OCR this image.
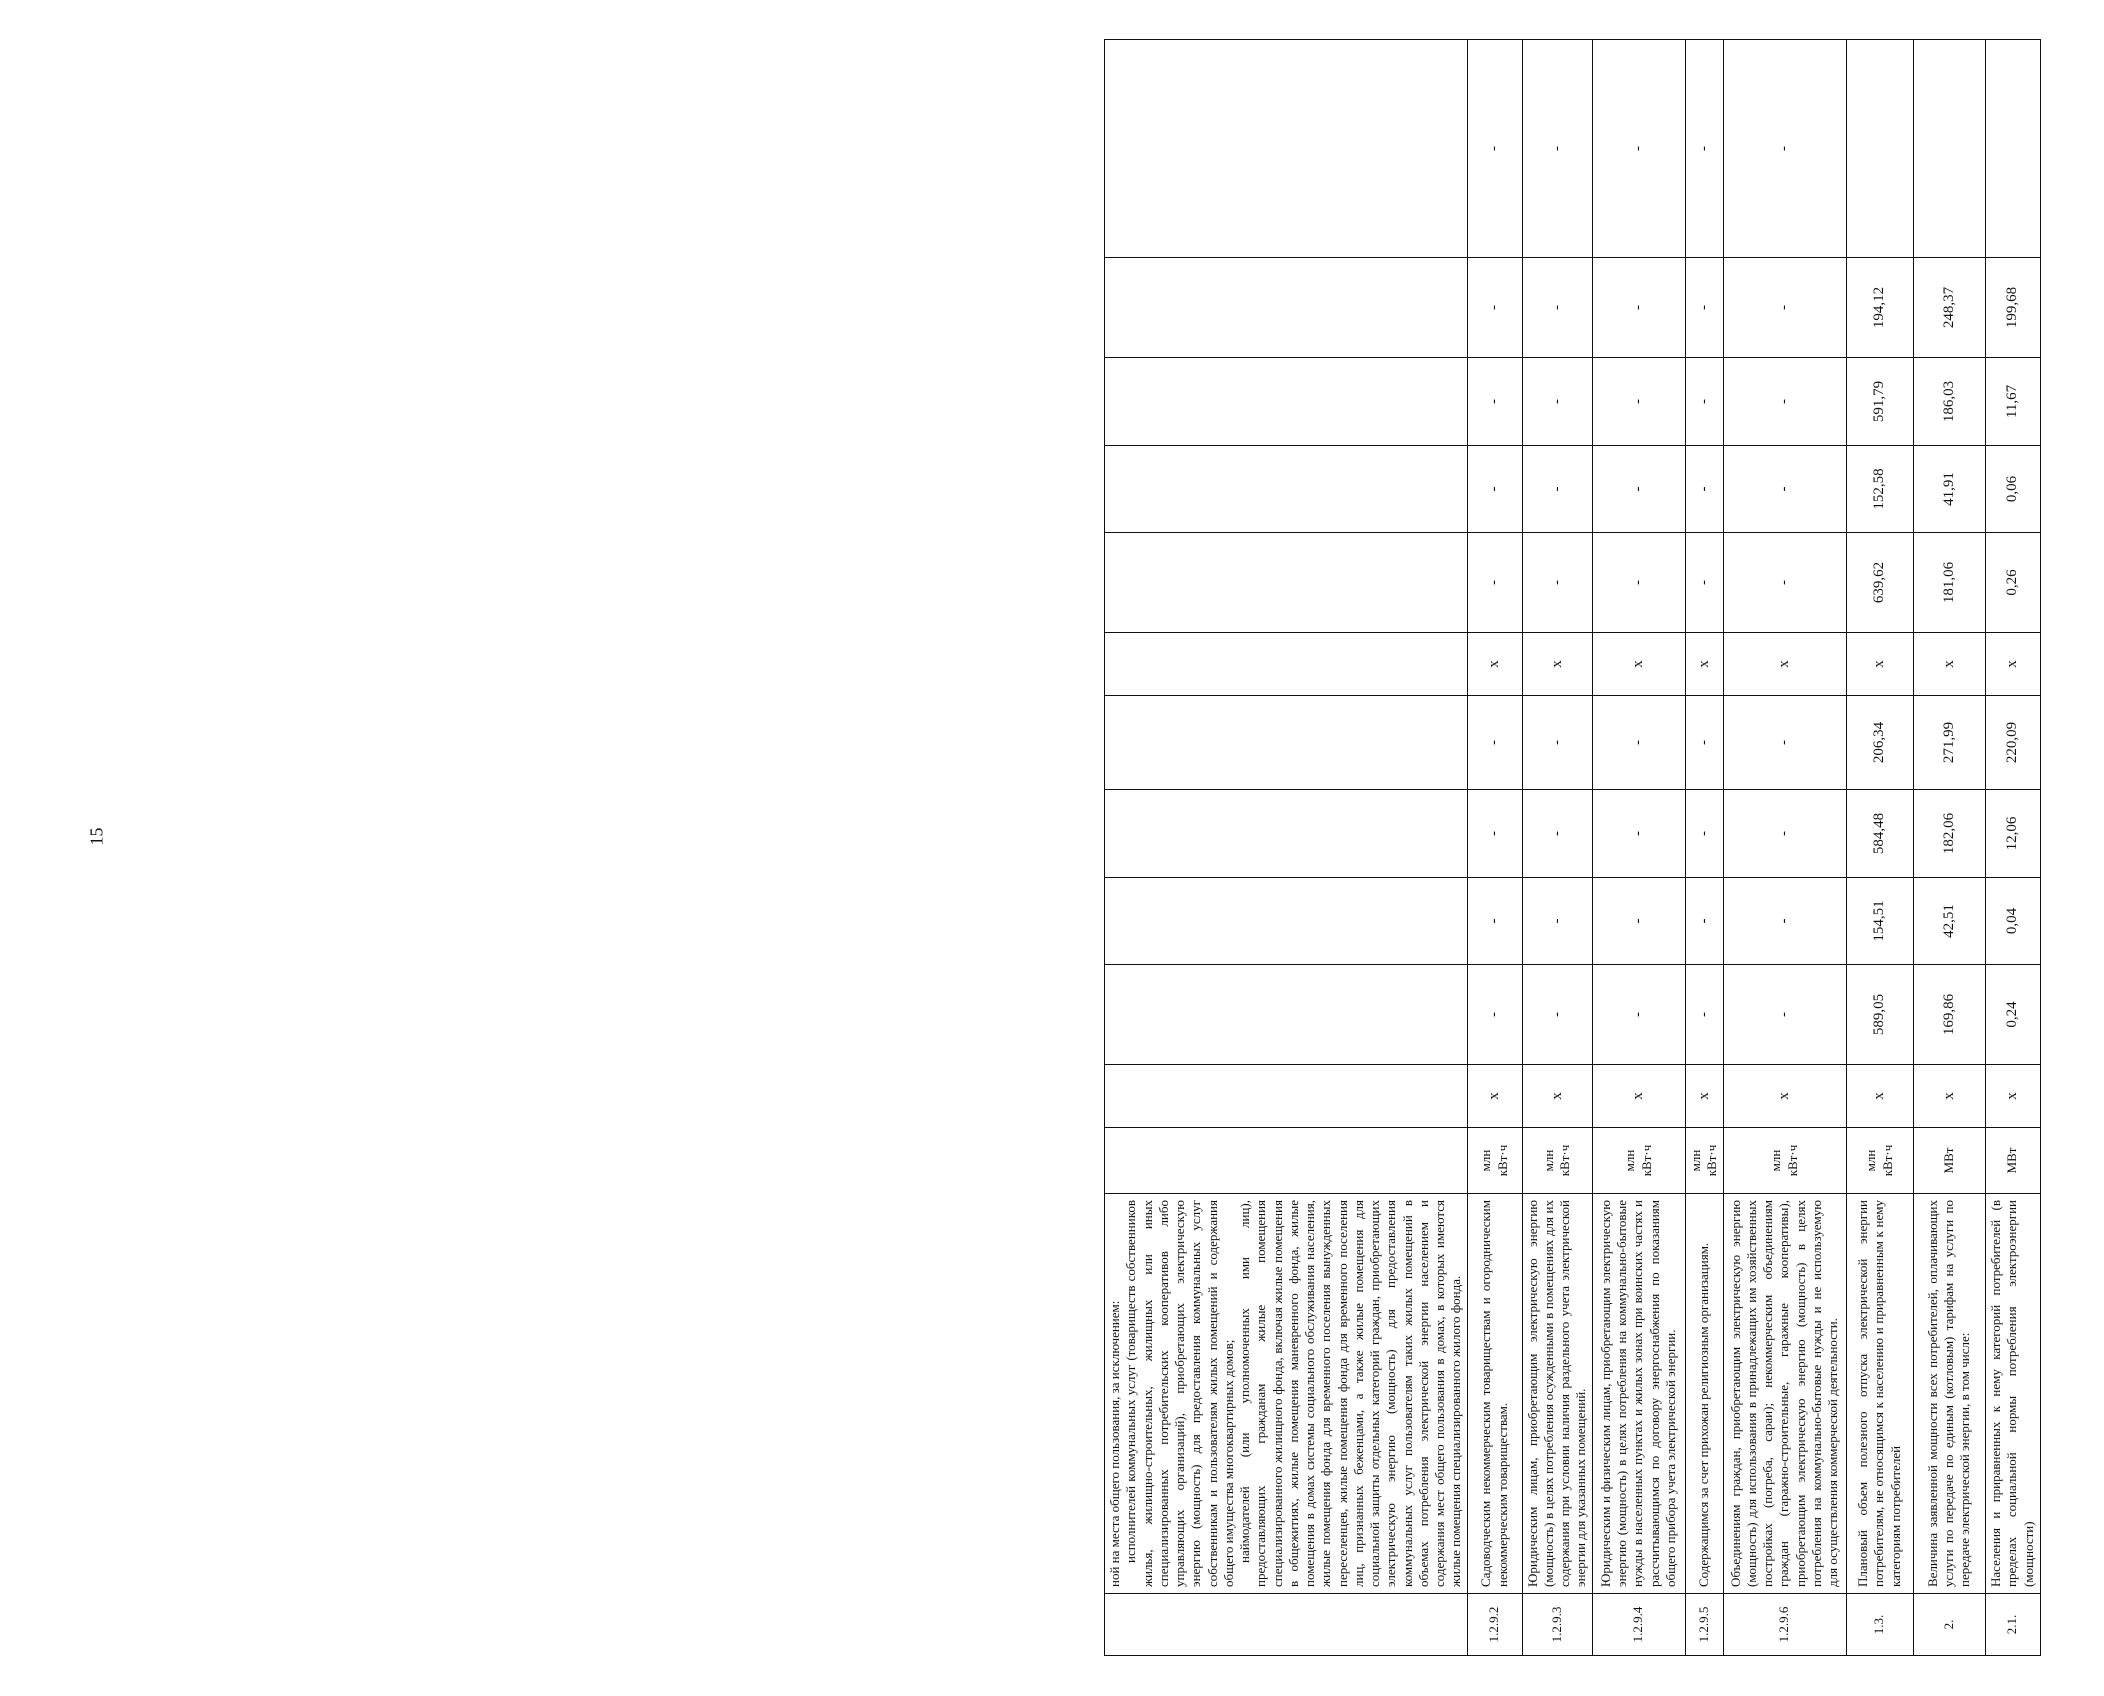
15

	ной на места общего пользования, за исключением: исполнителей коммунальных услуг (товариществ собственников жилья, жилищно-строительных, жилищных или иных специализированных потребительских кооперативов либо управляющих организаций), приобретающих электрическую энергию (мощность) для предоставления коммунальных услуг собственникам и пользователям жилых помещений и содержания общего имущества многоквартирных домов; наймодателей (или уполномоченных ими лиц), предоставляющих гражданам жилые помещения специализированного жилищного фонда, включая жилые помещения в общежитиях, жилые помещения маневренного фонда, жилые помещения в домах системы социального обслуживания населения, жилые помещения фонда для временного поселения вынужденных переселенцев, жилые помещения фонда для временного поселения лиц, признанных беженцами, а также жилые помещения для социальной защиты отдельных категорий граждан, приобретающих электрическую энергию (мощность) для предоставления коммунальных услуг пользователям таких жилых помещений в объемах потребления электрической энергии населением и содержания мест общего пользования в домах, в которых имеются жилые помещения специализированного жилого фонда.												

1.2.9.2	Садоводческим некоммерческим товариществам и огородническим некоммерческим товариществам.	млн кВт·ч	х	-	-	-	-	х	-	-	-	-	-
1.2.9.3	Юридическим лицам, приобретающим электрическую энергию (мощность) в целях потребления осужденными в помещениях для их содержания при условии наличия раздельного учета электрической энергии для указанных помещений.	млн кВт·ч	х	-	-	-	-	х	-	-	-	-	-
1.2.9.4	Юридическим и физическим лицам, приобретающим электрическую энергию (мощность) в целях потребления на коммунально-бытовые нужды в населенных пунктах и жилых зонах при воинских частях и рассчитывающимся по договору энергоснабжения по показаниям общего прибора учета электрической энергии.	млн кВт·ч	х	-	-	-	-	х	-	-	-	-	-
1.2.9.5	Содержащимся за счет прихожан религиозным организациям.	млн кВт·ч	х	-	-	-	-	х	-	-	-	-	-
1.2.9.6	Объединениям граждан, приобретающим электрическую энергию (мощность) для использования в принадлежащих им хозяйственных постройках (погреба, сараи); некоммерческим объединениям граждан (гаражно-строительные, гаражные кооперативы), приобретающим электрическую энергию (мощность) в целях потребления на коммунально-бытовые нужды и не используемую для осуществления коммерческой деятельности.	млн кВт·ч	х	-	-	-	-	х	-	-	-	-	-
1.3.	Плановый объем полезного отпуска электрической энергии потребителям, не относящимся к населению и приравненным к нему категориям потребителей	млн кВт·ч	х	589,05	154,51	584,48	206,34	х	639,62	152,58	591,79	194,12	
2.	Величина заявленной мощности всех потребителей, оплачивающих услуги по передаче по единым (котловым) тарифам на услуги по передаче электрической энергии, в том числе:	МВт	х	169,86	42,51	182,06	271,99	х	181,06	41,91	186,03	248,37	
2.1.	Населения и приравненных к нему категорий потребителей (в пределах социальной нормы потребления электроэнергии (мощности)	МВт	х	0,24	0,04	12,06	220,09	х	0,26	0,06	11,67	199,68	
